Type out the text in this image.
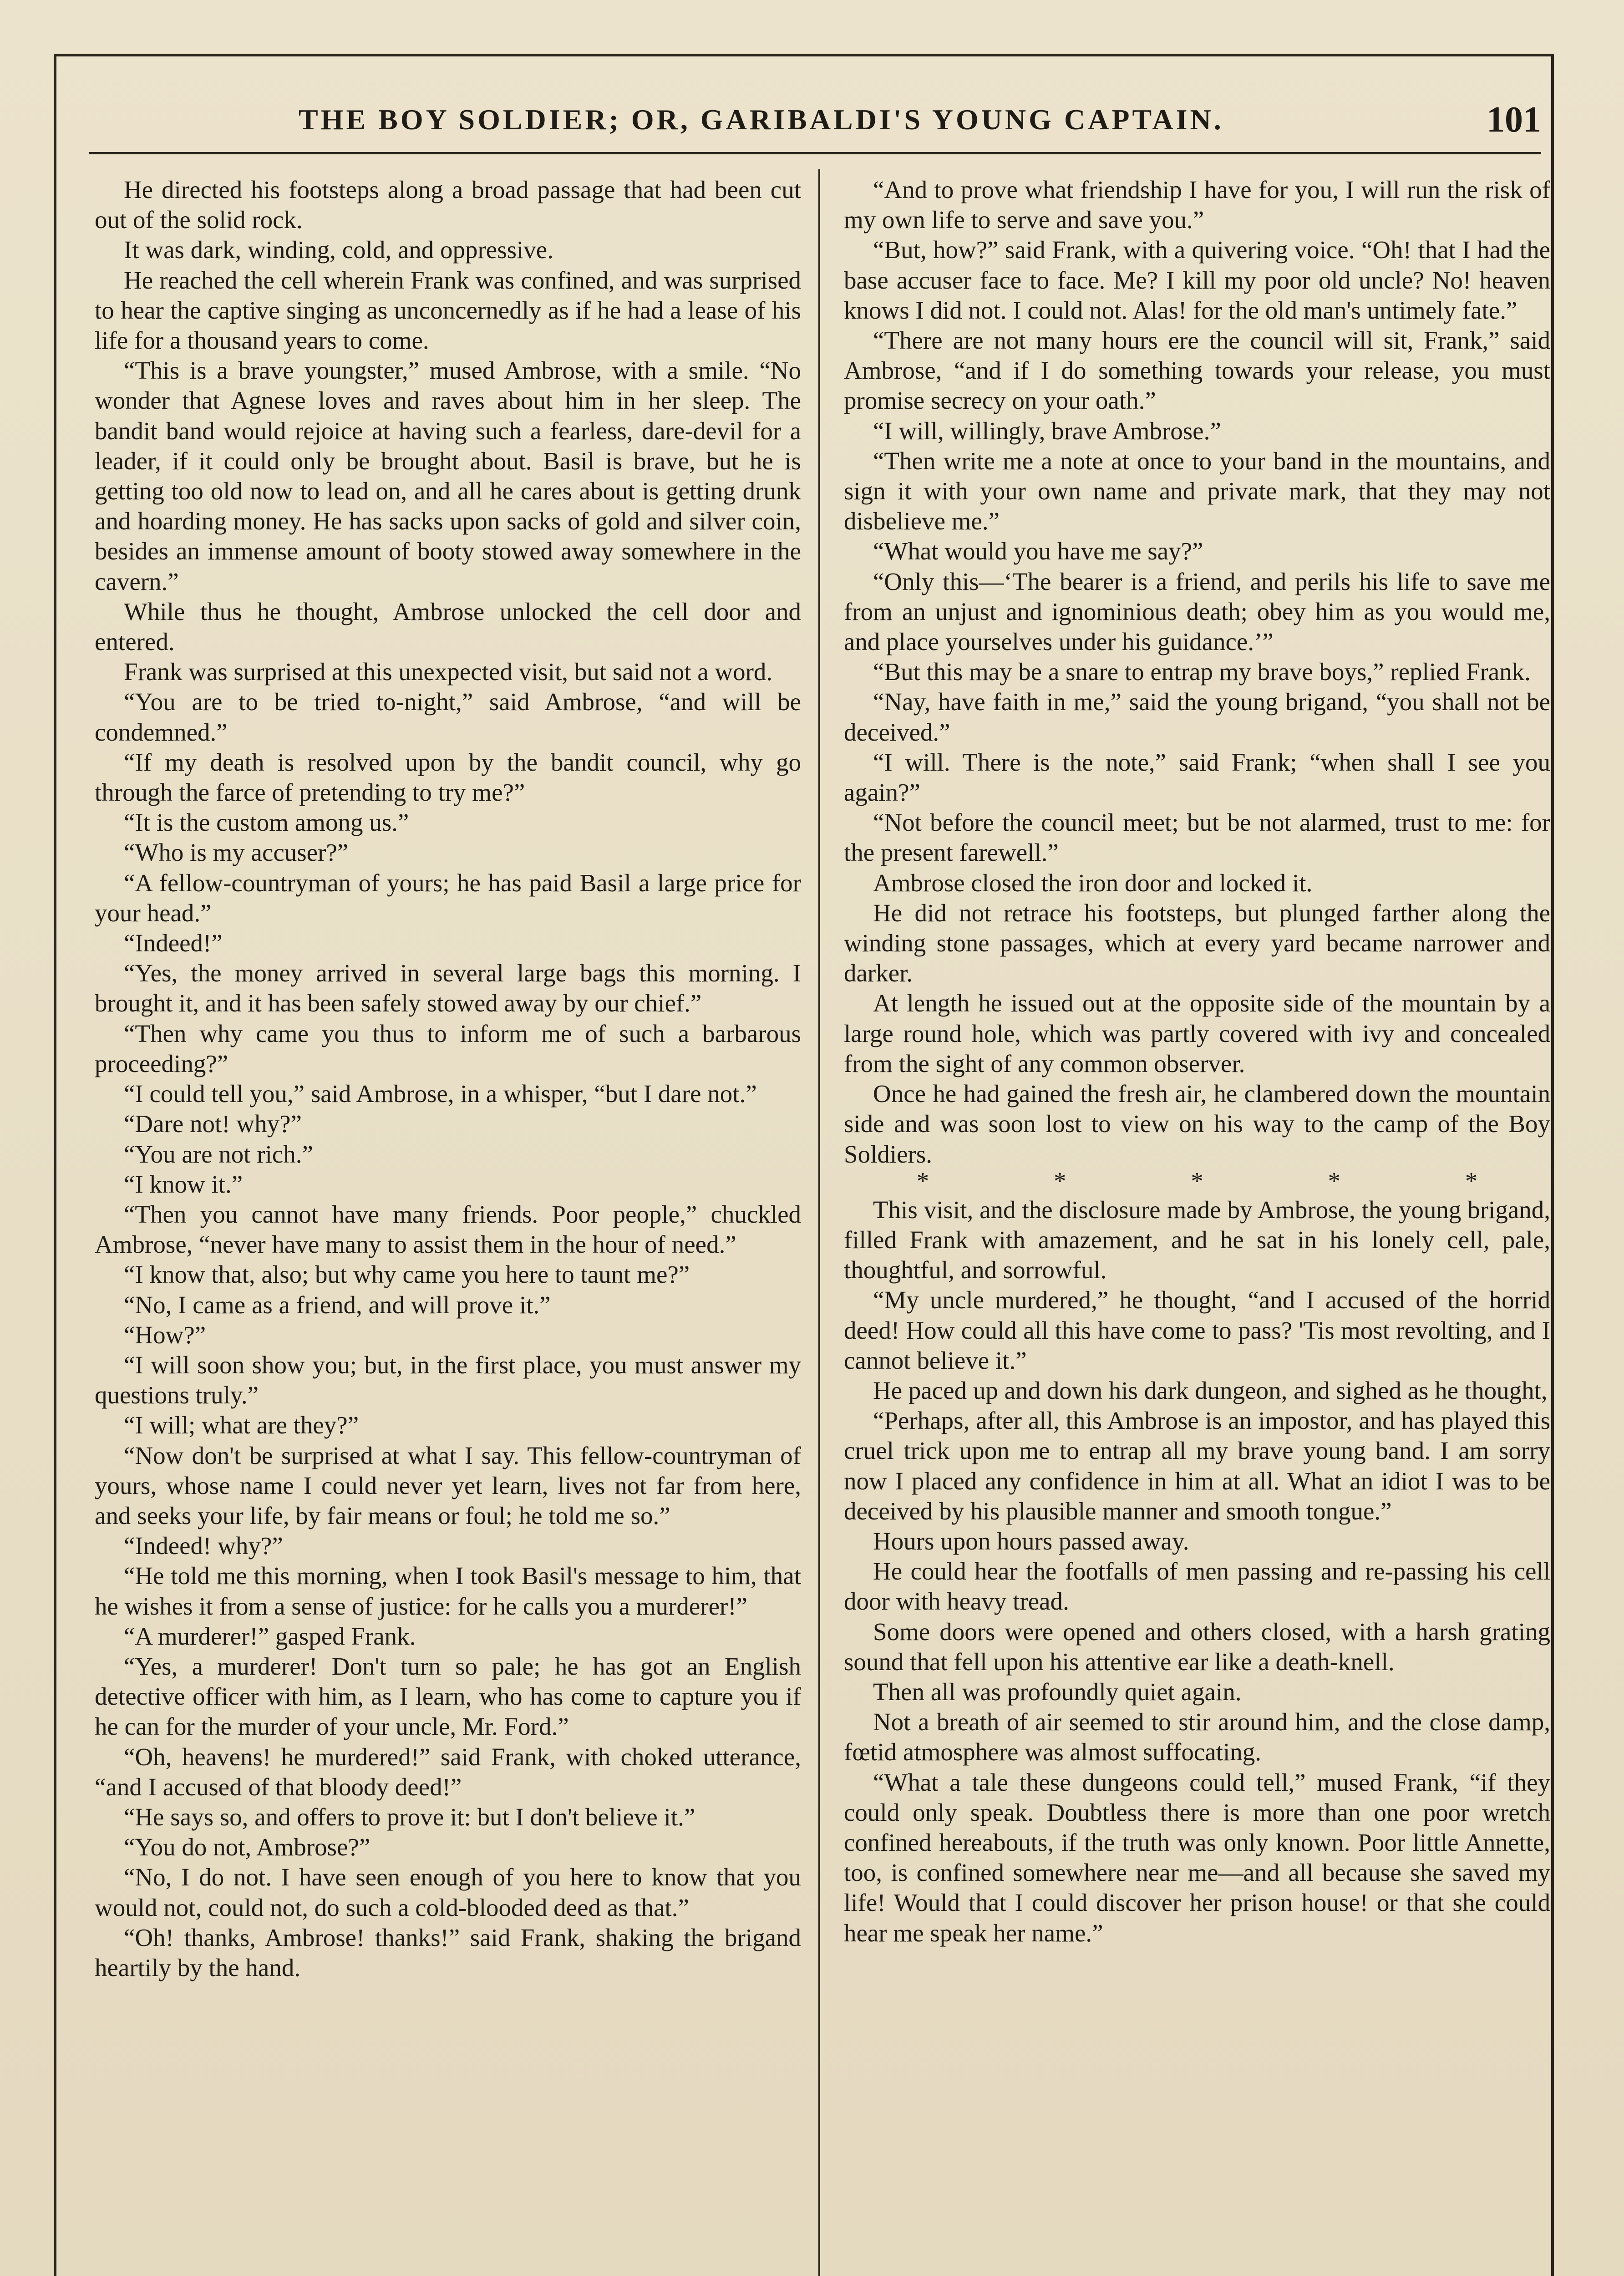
THE BOY SOLDIER; OR, GARIBALDI'S YOUNG CAPTAIN.	101

He directed his footsteps along a broad passage that had been cut out of the solid rock.

It was dark, winding, cold, and oppressive.

He reached the cell wherein Frank was confined, and was surprised to hear the captive singing as unconcernedly as if he had a lease of his life for a thousand years to come.

“This is a brave youngster,” mused Ambrose, with a smile. “No wonder that Agnese loves and raves about him in her sleep. The bandit band would rejoice at having such a fearless, dare-devil for a leader, if it could only be brought about. Basil is brave, but he is getting too old now to lead on, and all he cares about is getting drunk and hoarding money. He has sacks upon sacks of gold and silver coin, besides an immense amount of booty stowed away somewhere in the cavern.”

While thus he thought, Ambrose unlocked the cell door and entered.

Frank was surprised at this unexpected visit, but said not a word.

“You are to be tried to-night,” said Ambrose, “and will be condemned.”

“If my death is resolved upon by the bandit council, why go through the farce of pretending to try me?”

“It is the custom among us.”

“Who is my accuser?”

“A fellow-countryman of yours; he has paid Basil a large price for your head.”

“Indeed!”

“Yes, the money arrived in several large bags this morning. I brought it, and it has been safely stowed away by our chief.”

“Then why came you thus to inform me of such a barbarous proceeding?”

“I could tell you,” said Ambrose, in a whisper, “but I dare not.”

“Dare not! why?”

“You are not rich.”

“I know it.”

“Then you cannot have many friends. Poor people,” chuckled Ambrose, “never have many to assist them in the hour of need.”

“I know that, also; but why came you here to taunt me?”

“No, I came as a friend, and will prove it.”

“How?”

“I will soon show you; but, in the first place, you must answer my questions truly.”

“I will; what are they?”

“Now don't be surprised at what I say. This fellow-countryman of yours, whose name I could never yet learn, lives not far from here, and seeks your life, by fair means or foul; he told me so.”

“Indeed! why?”

“He told me this morning, when I took Basil's message to him, that he wishes it from a sense of justice: for he calls you a murderer!”

“A murderer!” gasped Frank.

“Yes, a murderer! Don't turn so pale; he has got an English detective officer with him, as I learn, who has come to capture you if he can for the murder of your uncle, Mr. Ford.”

“Oh, heavens! he murdered!” said Frank, with choked utterance, “and I accused of that bloody deed!”

“He says so, and offers to prove it: but I don't believe it.”

“You do not, Ambrose?”

“No, I do not. I have seen enough of you here to know that you would not, could not, do such a cold-blooded deed as that.”

“Oh! thanks, Ambrose! thanks!” said Frank, shaking the brigand heartily by the hand.

“And to prove what friendship I have for you, I will run the risk of my own life to serve and save you.”

“But, how?” said Frank, with a quivering voice. “Oh! that I had the base accuser face to face. Me? I kill my poor old uncle? No! heaven knows I did not. I could not. Alas! for the old man's untimely fate.”

“There are not many hours ere the council will sit, Frank,” said Ambrose, “and if I do something towards your release, you must promise secrecy on your oath.”

“I will, willingly, brave Ambrose.”

“Then write me a note at once to your band in the mountains, and sign it with your own name and private mark, that they may not disbelieve me.”

“What would you have me say?”

“Only this—‘The bearer is a friend, and perils his life to save me from an unjust and ignominious death; obey him as you would me, and place yourselves under his guidance.’”

“But this may be a snare to entrap my brave boys,” replied Frank.

“Nay, have faith in me,” said the young brigand, “you shall not be deceived.”

“I will. There is the note,” said Frank; “when shall I see you again?”

“Not before the council meet; but be not alarmed, trust to me: for the present farewell.”

Ambrose closed the iron door and locked it.

He did not retrace his footsteps, but plunged farther along the winding stone passages, which at every yard became narrower and darker.

At length he issued out at the opposite side of the mountain by a large round hole, which was partly covered with ivy and concealed from the sight of any common observer.

Once he had gained the fresh air, he clambered down the mountain side and was soon lost to view on his way to the camp of the Boy Soldiers.

* * * * *

This visit, and the disclosure made by Ambrose, the young brigand, filled Frank with amazement, and he sat in his lonely cell, pale, thoughtful, and sorrowful.

“My uncle murdered,” he thought, “and I accused of the horrid deed! How could all this have come to pass? 'Tis most revolting, and I cannot believe it.”

He paced up and down his dark dungeon, and sighed as he thought,

“Perhaps, after all, this Ambrose is an impostor, and has played this cruel trick upon me to entrap all my brave young band. I am sorry now I placed any confidence in him at all. What an idiot I was to be deceived by his plausible manner and smooth tongue.”

Hours upon hours passed away.

He could hear the footfalls of men passing and re-passing his cell door with heavy tread.

Some doors were opened and others closed, with a harsh grating sound that fell upon his attentive ear like a death-knell.

Then all was profoundly quiet again.

Not a breath of air seemed to stir around him, and the close damp, fœtid atmosphere was almost suffocating.

“What a tale these dungeons could tell,” mused Frank, “if they could only speak. Doubtless there is more than one poor wretch confined hereabouts, if the truth was only known. Poor little Annette, too, is confined somewhere near me—and all because she saved my life! Would that I could discover her prison house! or that she could hear me speak her name.”
